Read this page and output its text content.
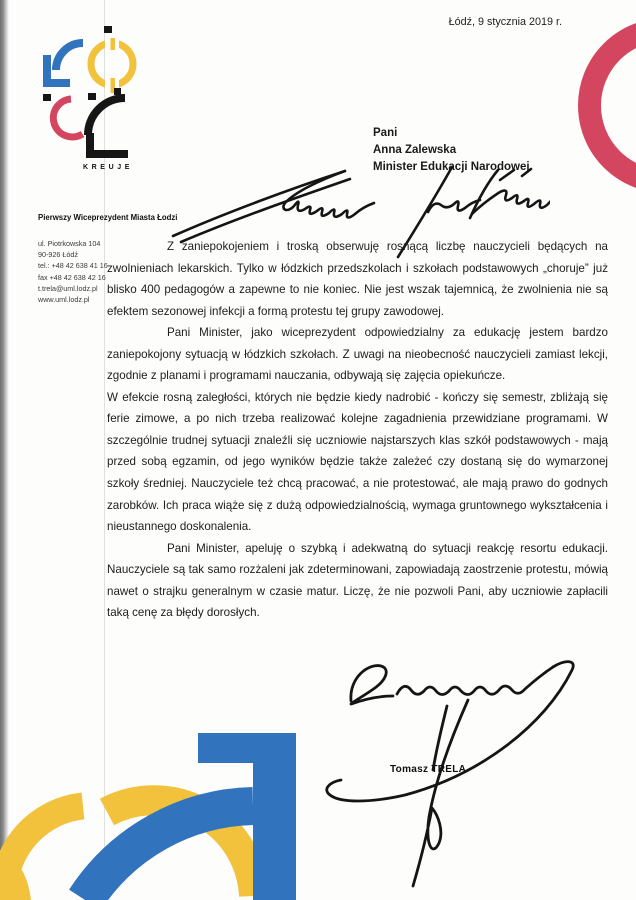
KREUJE
Łódź, 9 stycznia 2019 r.
Pierwszy Wiceprezydent Miasta Łodzi
ul. Piotrkowska 104
90-926 Łódź
tel.: +48 42 638 41 16
fax +48 42 638 42 16
t.trela@uml.lodz.pl
www.uml.lodz.pl
Pani
Anna Zalewska
Minister Edukacji Narodowej

Z zaniepokojeniem i troską obserwuję rosnącą liczbę nauczycieli będących na zwolnieniach lekarskich. Tylko w łódzkich przedszkolach i szkołach podstawowych „choruje” już blisko 400 pedagogów a zapewne to nie koniec. Nie jest wszak tajemnicą, że zwolnienia nie są efektem sezonowej infekcji a formą protestu tej grupy zawodowej.

Pani Minister, jako wiceprezydent odpowiedzialny za edukację jestem bardzo zaniepokojony sytuacją w łódzkich szkołach. Z uwagi na nieobecność nauczycieli zamiast lekcji, zgodnie z planami i programami nauczania, odbywają się zajęcia opiekuńcze.

W efekcie rosną zaległości, których nie będzie kiedy nadrobić - kończy się semestr, zbliżają się ferie zimowe, a po nich trzeba realizować kolejne zagadnienia przewidziane programami. W szczególnie trudnej sytuacji znaleźli się uczniowie najstarszych klas szkół podstawowych - mają przed sobą egzamin, od jego wyników będzie także zależeć czy dostaną się do wymarzonej szkoły średniej. Nauczyciele też chcą pracować, a nie protestować, ale mają prawo do godnych zarobków. Ich praca wiąże się z dużą odpowiedzialnością, wymaga gruntownego wykształcenia i nieustannego doskonalenia.

Pani Minister, apeluję o szybką i adekwatną do sytuacji reakcję resortu edukacji. Nauczyciele są tak samo rozżaleni jak zdeterminowani, zapowiadają zaostrzenie protestu, mówią nawet o strajku generalnym w czasie matur. Liczę, że nie pozwoli Pani, aby uczniowie zapłacili taką cenę za błędy dorosłych.

Tomasz TRELA
